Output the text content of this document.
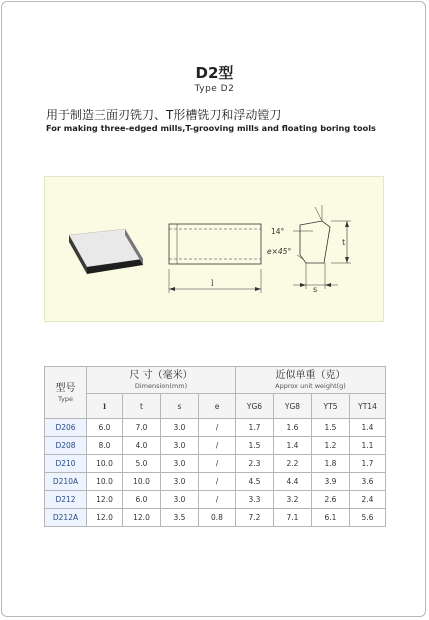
D2型
Type D2
用于制造三面刃铣刀、T形槽铣刀和浮动镗刀
For making three-edged mills,T-grooving mills and floating boring tools
l
14°
e×45°
t
s
型号
Type	尺 寸（毫米）
Dimension(mm)				近似单重（克）
Approx unit weight(g)			

	l	t	s	e	YG6	YG8	YT5	YT14
D206	6.0	7.0	3.0	/	1.7	1.6	1.5	1.4
D208	8.0	4.0	3.0	/	1.5	1.4	1.2	1.1
D210	10.0	5.0	3.0	/	2.3	2.2	1.8	1.7
D210A	10.0	10.0	3.0	/	4.5	4.4	3.9	3.6
D212	12.0	6.0	3.0	/	3.3	3.2	2.6	2.4
D212A	12.0	12.0	3.5	0.8	7.2	7.1	6.1	5.6
